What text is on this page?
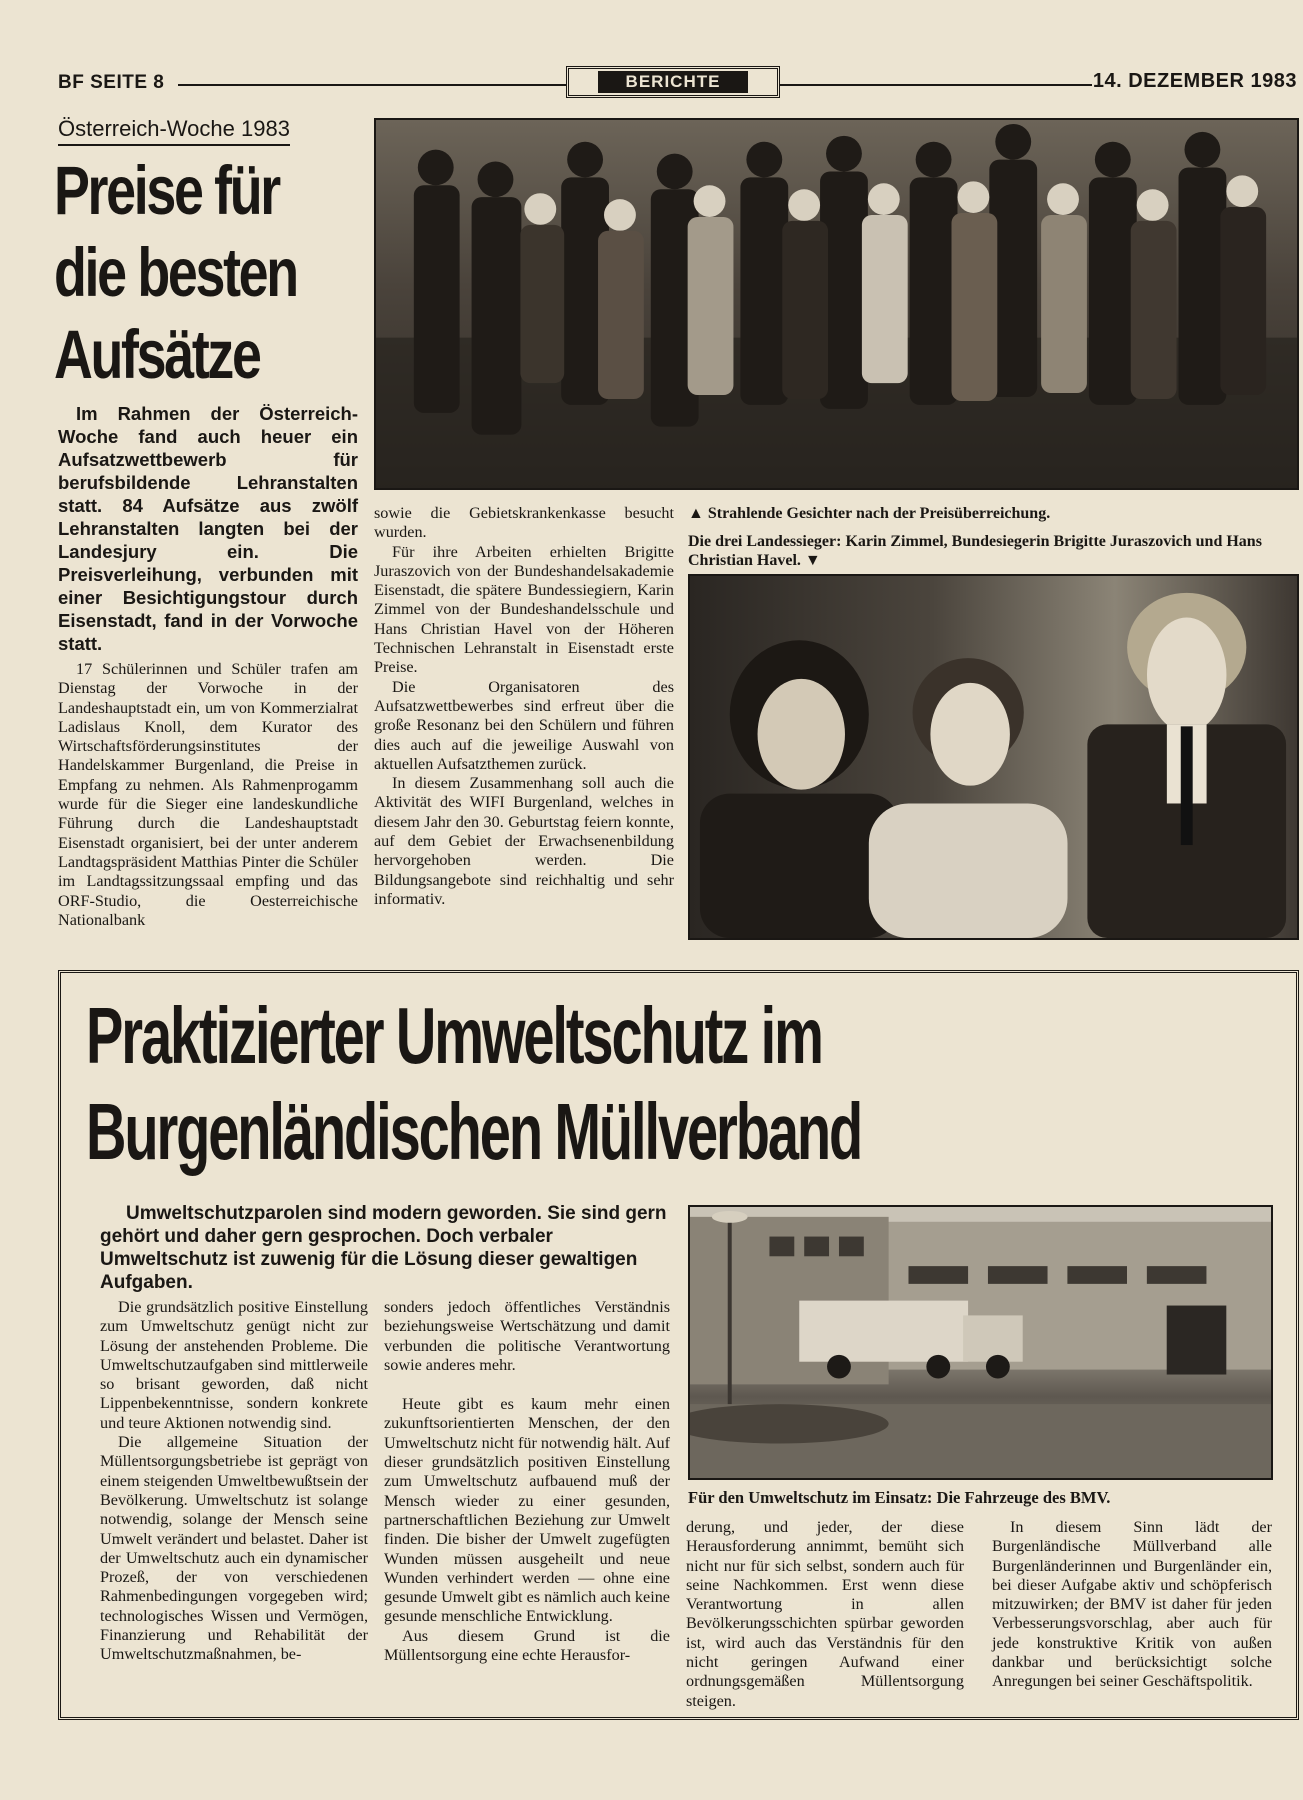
BF SEITE 8	BERICHTE	14. DEZEMBER 1983
Österreich-Woche 1983
Preise für
die besten
Aufsätze
Im Rahmen der Österreich-Woche fand auch heuer ein Aufsatzwettbewerb für berufsbildende Lehranstalten statt. 84 Aufsätze aus zwölf Lehranstalten langten bei der Landesjury ein. Die Preisverleihung, verbunden mit einer Besichtigungstour durch Eisenstadt, fand in der Vorwoche statt.

17 Schülerinnen und Schüler trafen am Dienstag der Vorwoche in der Landeshauptstadt ein, um von Kommerzialrat Ladislaus Knoll, dem Kurator des Wirtschaftsförderungsinstitutes der Handelskammer Burgenland, die Preise in Empfang zu nehmen. Als Rahmenprogamm wurde für die Sieger eine landeskundliche Führung durch die Landeshauptstadt Eisenstadt organisiert, bei der unter anderem Landtagspräsident Matthias Pinter die Schüler im Landtagssitzungssaal empfing und das ORF-Studio, die Oesterreichische Nationalbank

sowie die Gebietskrankenkasse besucht wurden.

Für ihre Arbeiten erhielten Brigitte Juraszovich von der Bundeshandelsakademie Eisenstadt, die spätere Bundessiegiern, Karin Zimmel von der Bundeshandelsschule und Hans Christian Havel von der Höheren Technischen Lehranstalt in Eisenstadt erste Preise.

Die Organisatoren des Aufsatzwettbewerbes sind erfreut über die große Resonanz bei den Schülern und führen dies auch auf die jeweilige Auswahl von aktuellen Aufsatzthemen zurück.

In diesem Zusammenhang soll auch die Aktivität des WIFI Burgenland, welches in diesem Jahr den 30. Geburtstag feiern konnte, auf dem Gebiet der Erwachsenenbildung hervorgehoben werden. Die Bildungsangebote sind reichhaltig und sehr informativ.

▲ Strahlende Gesichter nach der Preisüberreichung.
Die drei Landessieger: Karin Zimmel, Bundesiegerin Brigitte Juraszovich und Hans Christian Havel. ▼
Praktizierter Umweltschutz im
Burgenländischen Müllverband
Umweltschutzparolen sind modern geworden. Sie sind gern gehört und daher gern gesprochen. Doch verbaler Umweltschutz ist zuwenig für die Lösung dieser gewaltigen Aufgaben.

Die grundsätzlich positive Einstellung zum Umweltschutz genügt nicht zur Lösung der anstehenden Probleme. Die Umweltschutzaufgaben sind mittlerweile so brisant geworden, daß nicht Lippenbekenntnisse, sondern konkrete und teure Aktionen notwendig sind.

Die allgemeine Situation der Müllentsorgungsbetriebe ist geprägt von einem steigenden Umweltbewußtsein der Bevölkerung. Umweltschutz ist solange notwendig, solange der Mensch seine Umwelt verändert und belastet. Daher ist der Umweltschutz auch ein dynamischer Prozeß, der von verschiedenen Rahmenbedingungen vorgegeben wird; technologisches Wissen und Vermögen, Finanzierung und Rehabilität der Umweltschutzmaßnahmen, be-

sonders jedoch öffentliches Verständnis beziehungsweise Wertschätzung und damit verbunden die politische Verantwortung sowie anderes mehr.

Heute gibt es kaum mehr einen zukunftsorientierten Menschen, der den Umweltschutz nicht für notwendig hält. Auf dieser grundsätzlich positiven Einstellung zum Umweltschutz aufbauend muß der Mensch wieder zu einer gesunden, partnerschaftlichen Beziehung zur Umwelt finden. Die bisher der Umwelt zugefügten Wunden müssen ausgeheilt und neue Wunden verhindert werden — ohne eine gesunde Umwelt gibt es nämlich auch keine gesunde menschliche Entwicklung.

Aus diesem Grund ist die Müllentsorgung eine echte Herausfor-

Für den Umweltschutz im Einsatz: Die Fahrzeuge des BMV.

derung, und jeder, der diese Herausforderung annimmt, bemüht sich nicht nur für sich selbst, sondern auch für seine Nachkommen. Erst wenn diese Verantwortung in allen Bevölkerungsschichten spürbar geworden ist, wird auch das Verständnis für den nicht geringen Aufwand einer ordnungsgemäßen Müllentsorgung steigen.

In diesem Sinn lädt der Burgenländische Müllverband alle Burgenländerinnen und Burgenländer ein, bei dieser Aufgabe aktiv und schöpferisch mitzuwirken; der BMV ist daher für jeden Verbesserungsvorschlag, aber auch für jede konstruktive Kritik von außen dankbar und berücksichtigt solche Anregungen bei seiner Geschäftspolitik.
